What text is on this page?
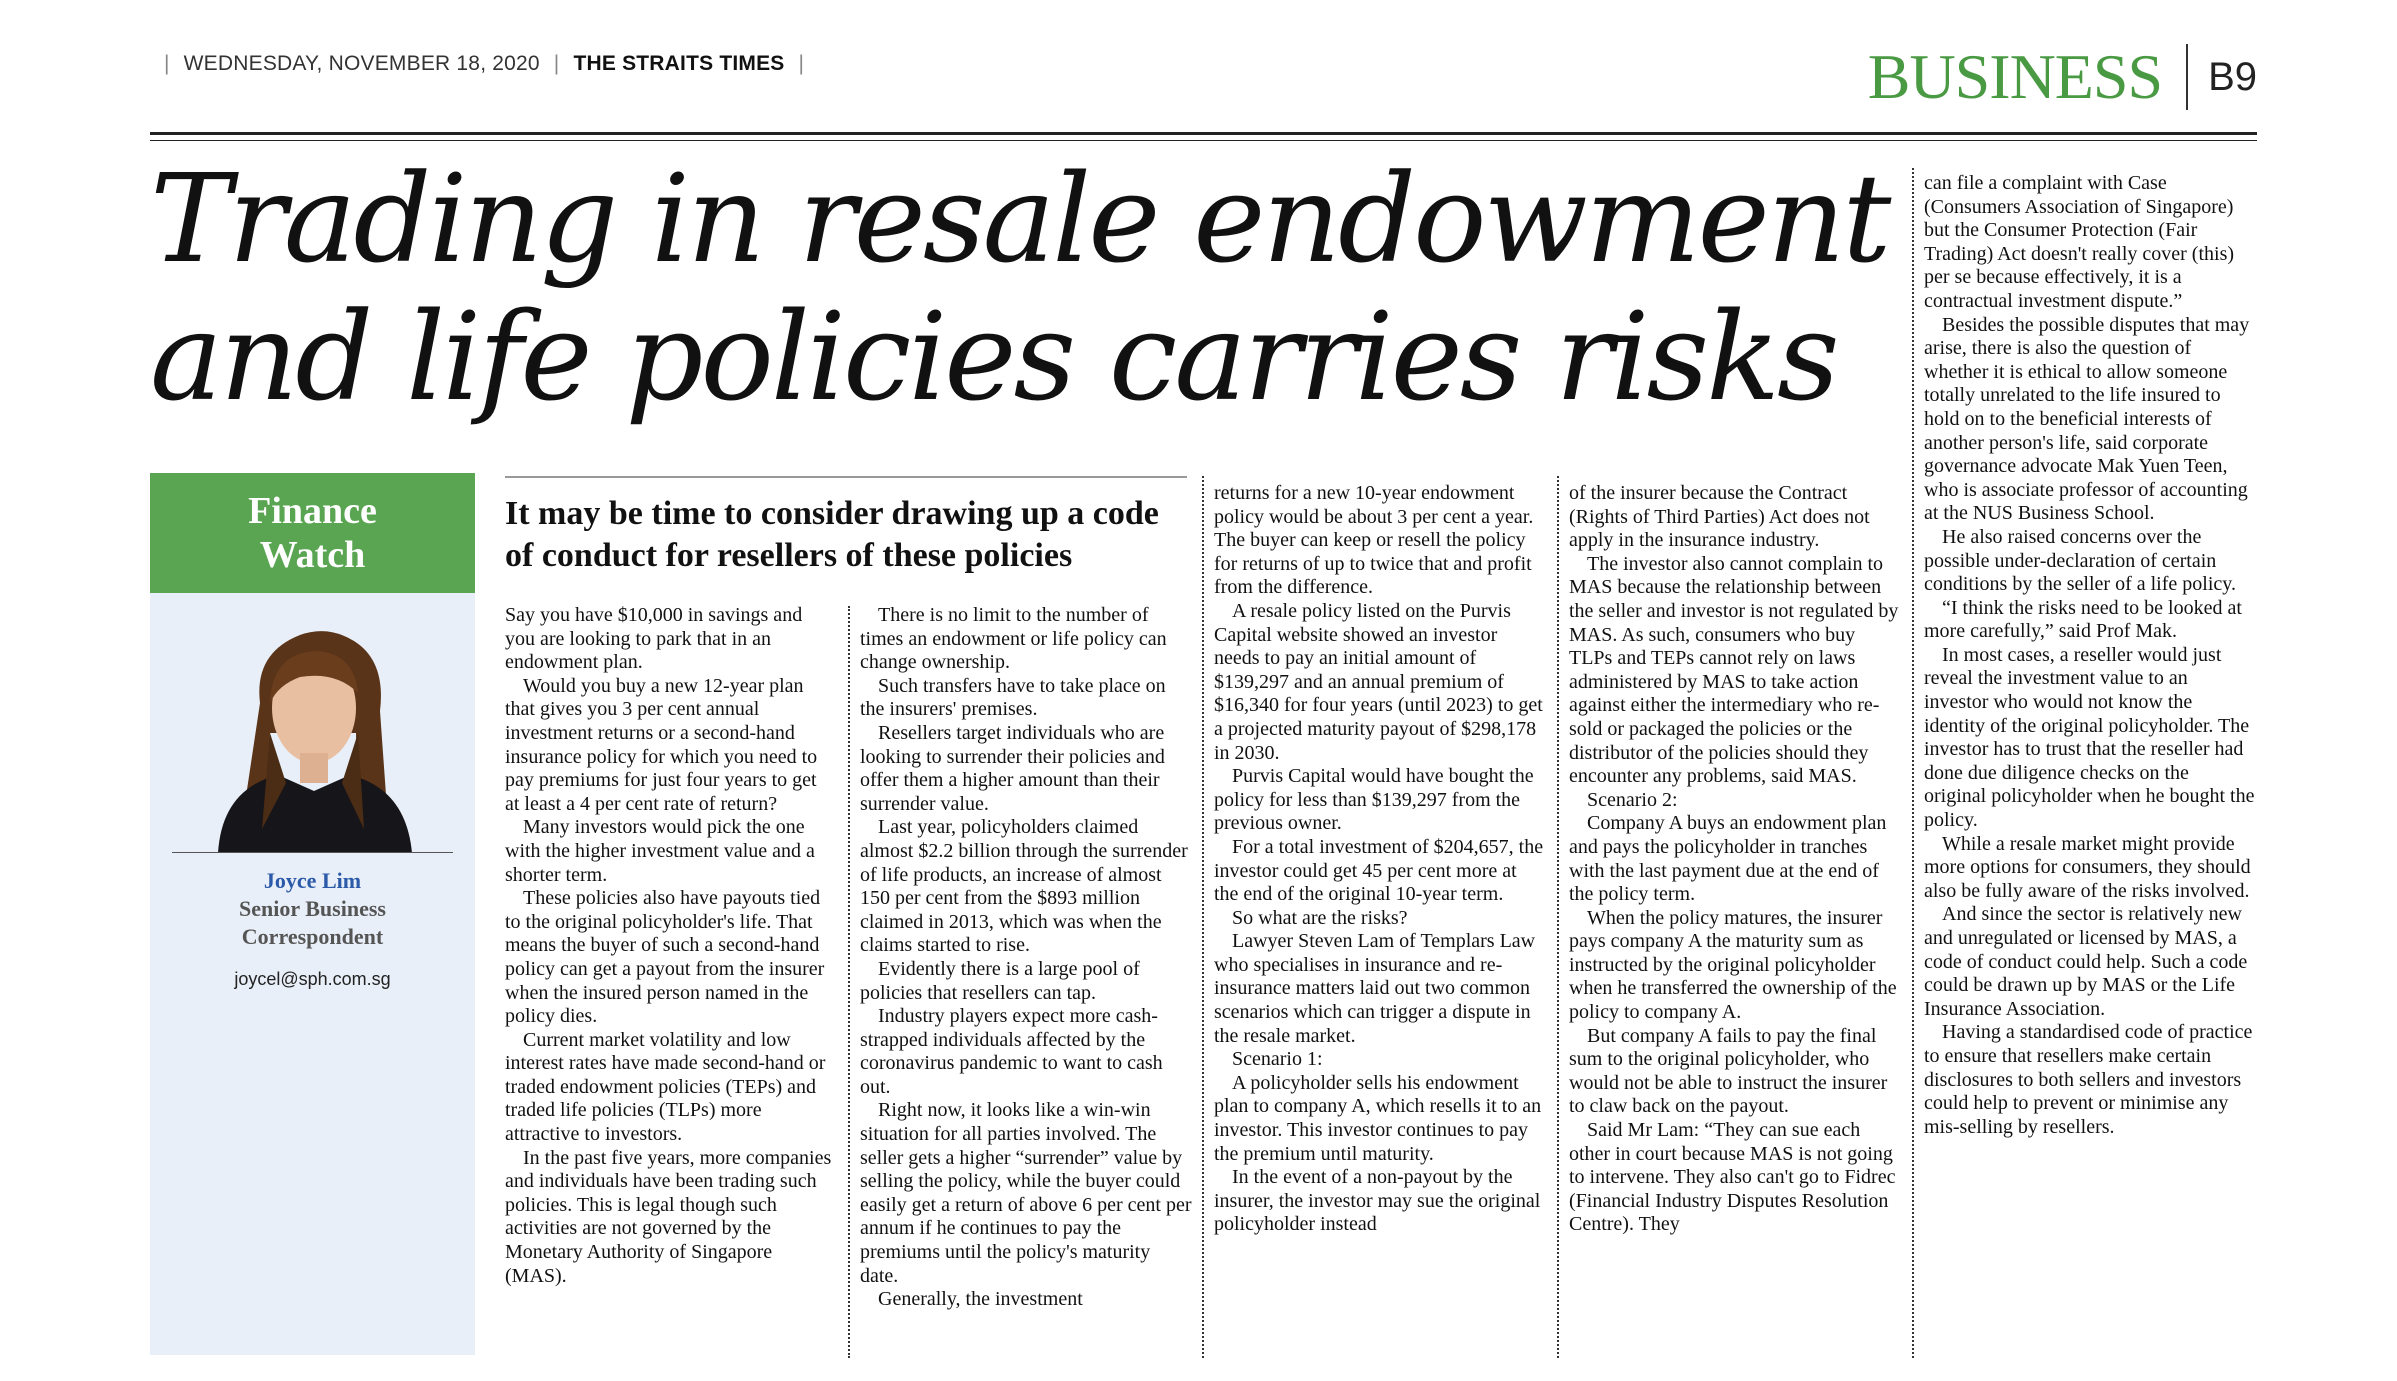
| WEDNESDAY, NOVEMBER 18, 2020 | THE STRAITS TIMES |	BUSINESS B9
Trading in resale endowment
and life policies carries risks
Finance
Watch
Joyce Lim
Senior Business
Correspondent
joycel@sph.com.sg
It may be time to consider drawing up a code of conduct for resellers of these policies

Say you have $10,000 in savings and you are looking to park that in an endowment plan.

Would you buy a new 12-year plan that gives you 3 per cent annual investment returns or a second-hand insurance policy for which you need to pay premiums for just four years to get at least a 4 per cent rate of return?

Many investors would pick the one with the higher investment value and a shorter term.

These policies also have payouts tied to the original policyholder's life. That means the buyer of such a second-hand policy can get a payout from the insurer when the insured person named in the policy dies.

Current market volatility and low interest rates have made second-hand or traded endowment policies (TEPs) and traded life policies (TLPs) more attractive to investors.

In the past five years, more companies and individuals have been trading such policies. This is legal though such activities are not governed by the Monetary Authority of Singapore (MAS).

There is no limit to the number of times an endowment or life policy can change ownership.

Such transfers have to take place on the insurers' premises.

Resellers target individuals who are looking to surrender their policies and offer them a higher amount than their surrender value.

Last year, policyholders claimed almost $2.2 billion through the surrender of life products, an increase of almost 150 per cent from the $893 million claimed in 2013, which was when the claims started to rise.

Evidently there is a large pool of policies that resellers can tap.

Industry players expect more cash-strapped individuals affected by the coronavirus pandemic to want to cash out.

Right now, it looks like a win-win situation for all parties involved. The seller gets a higher “surrender” value by selling the policy, while the buyer could easily get a return of above 6 per cent per annum if he continues to pay the premiums until the policy's maturity date.

Generally, the investment

returns for a new 10-year endowment policy would be about 3 per cent a year. The buyer can keep or resell the policy for returns of up to twice that and profit from the difference.

A resale policy listed on the Purvis Capital website showed an investor needs to pay an initial amount of $139,297 and an annual premium of $16,340 for four years (until 2023) to get a projected maturity payout of $298,178 in 2030.

Purvis Capital would have bought the policy for less than $139,297 from the previous owner.

For a total investment of $204,657, the investor could get 45 per cent more at the end of the original 10-year term.

So what are the risks?

Lawyer Steven Lam of Templars Law who specialises in insurance and re-insurance matters laid out two common scenarios which can trigger a dispute in the resale market.

Scenario 1:

A policyholder sells his endowment plan to company A, which resells it to an investor. This investor continues to pay the premium until maturity.

In the event of a non-payout by the insurer, the investor may sue the original policyholder instead

of the insurer because the Contract (Rights of Third Parties) Act does not apply in the insurance industry.

The investor also cannot complain to MAS because the relationship between the seller and investor is not regulated by MAS. As such, consumers who buy TLPs and TEPs cannot rely on laws administered by MAS to take action against either the intermediary who re-sold or packaged the policies or the distributor of the policies should they encounter any problems, said MAS.

Scenario 2:

Company A buys an endowment plan and pays the policyholder in tranches with the last payment due at the end of the policy term.

When the policy matures, the insurer pays company A the maturity sum as instructed by the original policyholder when he transferred the ownership of the policy to company A.

But company A fails to pay the final sum to the original policyholder, who would not be able to instruct the insurer to claw back on the payout.

Said Mr Lam: “They can sue each other in court because MAS is not going to intervene. They also can't go to Fidrec (Financial Industry Disputes Resolution Centre). They

can file a complaint with Case (Consumers Association of Singapore) but the Consumer Protection (Fair Trading) Act doesn't really cover (this) per se because effectively, it is a contractual investment dispute.”

Besides the possible disputes that may arise, there is also the question of whether it is ethical to allow someone totally unrelated to the life insured to hold on to the beneficial interests of another person's life, said corporate governance advocate Mak Yuen Teen, who is associate professor of accounting at the NUS Business School.

He also raised concerns over the possible under-declaration of certain conditions by the seller of a life policy.

“I think the risks need to be looked at more carefully,” said Prof Mak.

In most cases, a reseller would just reveal the investment value to an investor who would not know the identity of the original policyholder. The investor has to trust that the reseller had done due diligence checks on the original policyholder when he bought the policy.

While a resale market might provide more options for consumers, they should also be fully aware of the risks involved.

And since the sector is relatively new and unregulated or licensed by MAS, a code of conduct could help. Such a code could be drawn up by MAS or the Life Insurance Association.

Having a standardised code of practice to ensure that resellers make certain disclosures to both sellers and investors could help to prevent or minimise any mis-selling by resellers.
